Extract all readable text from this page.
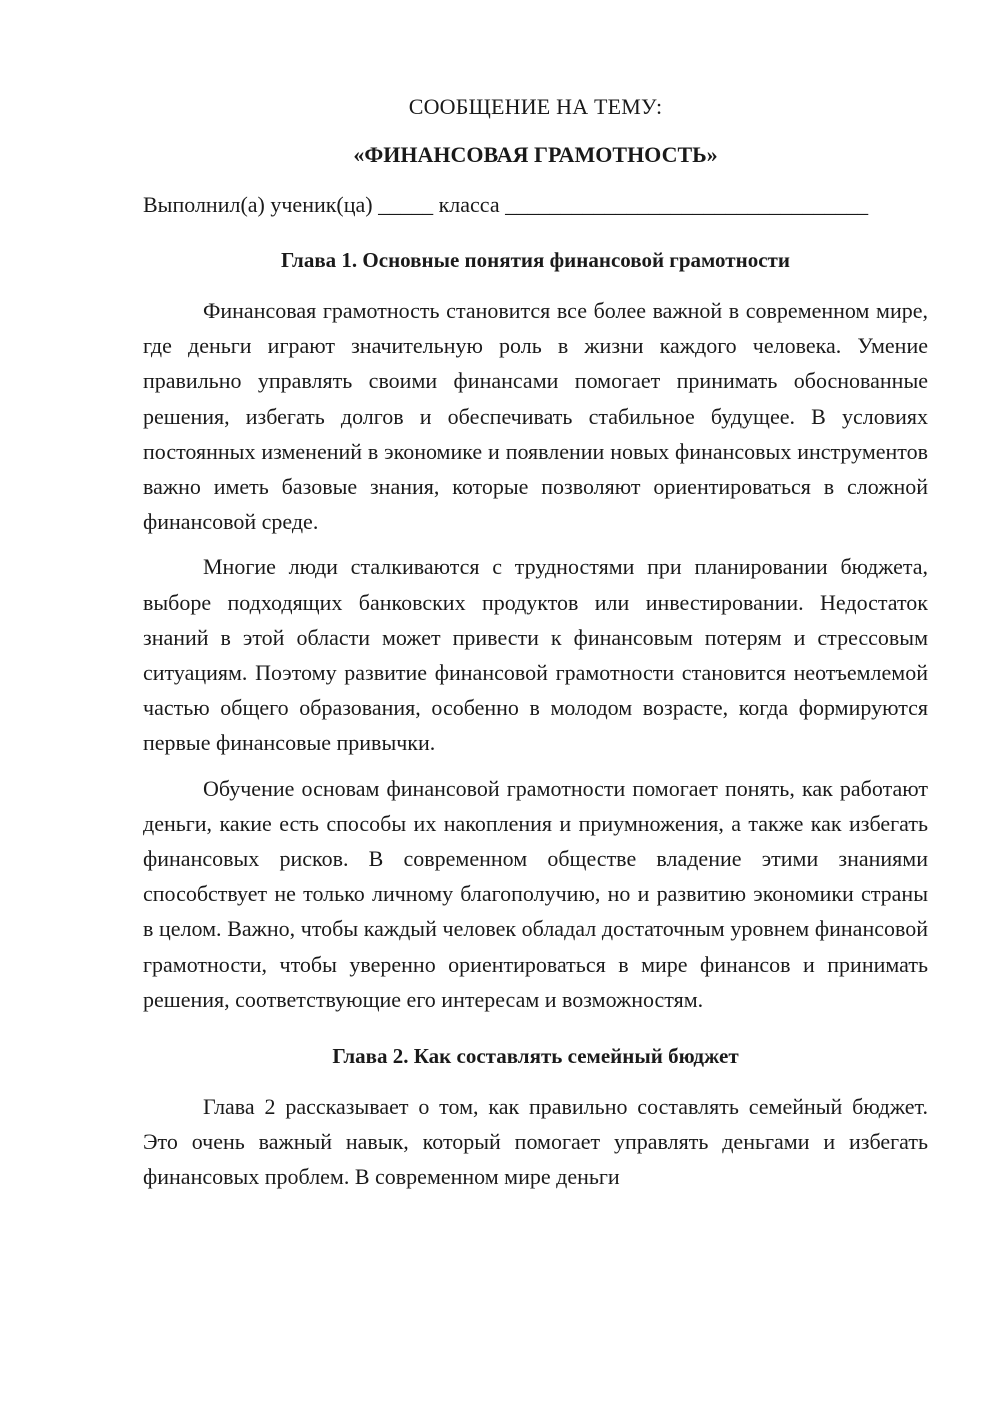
СООБЩЕНИЕ НА ТЕМУ:
«ФИНАНСОВАЯ ГРАМОТНОСТЬ»

Выполнил(а) ученик(ца) _____ класса _________________________________

Глава 1. Основные понятия финансовой грамотности

Финансовая грамотность становится все более важной в современном мире, где деньги играют значительную роль в жизни каждого человека. Умение правильно управлять своими финансами помогает принимать обоснованные решения, избегать долгов и обеспечивать стабильное будущее. В условиях постоянных изменений в экономике и появлении новых финансовых инструментов важно иметь базовые знания, которые позволяют ориентироваться в сложной финансовой среде.

Многие люди сталкиваются с трудностями при планировании бюджета, выборе подходящих банковских продуктов или инвестировании. Недостаток знаний в этой области может привести к финансовым потерям и стрессовым ситуациям. Поэтому развитие финансовой грамотности становится неотъемлемой частью общего образования, особенно в молодом возрасте, когда формируются первые финансовые привычки.

Обучение основам финансовой грамотности помогает понять, как работают деньги, какие есть способы их накопления и приумножения, а также как избегать финансовых рисков. В современном обществе владение этими знаниями способствует не только личному благополучию, но и развитию экономики страны в целом. Важно, чтобы каждый человек обладал достаточным уровнем финансовой грамотности, чтобы уверенно ориентироваться в мире финансов и принимать решения, соответствующие его интересам и возможностям.

Глава 2. Как составлять семейный бюджет

Глава 2 рассказывает о том, как правильно составлять семейный бюджет. Это очень важный навык, который помогает управлять деньгами и избегать финансовых проблем. В современном мире деньги
